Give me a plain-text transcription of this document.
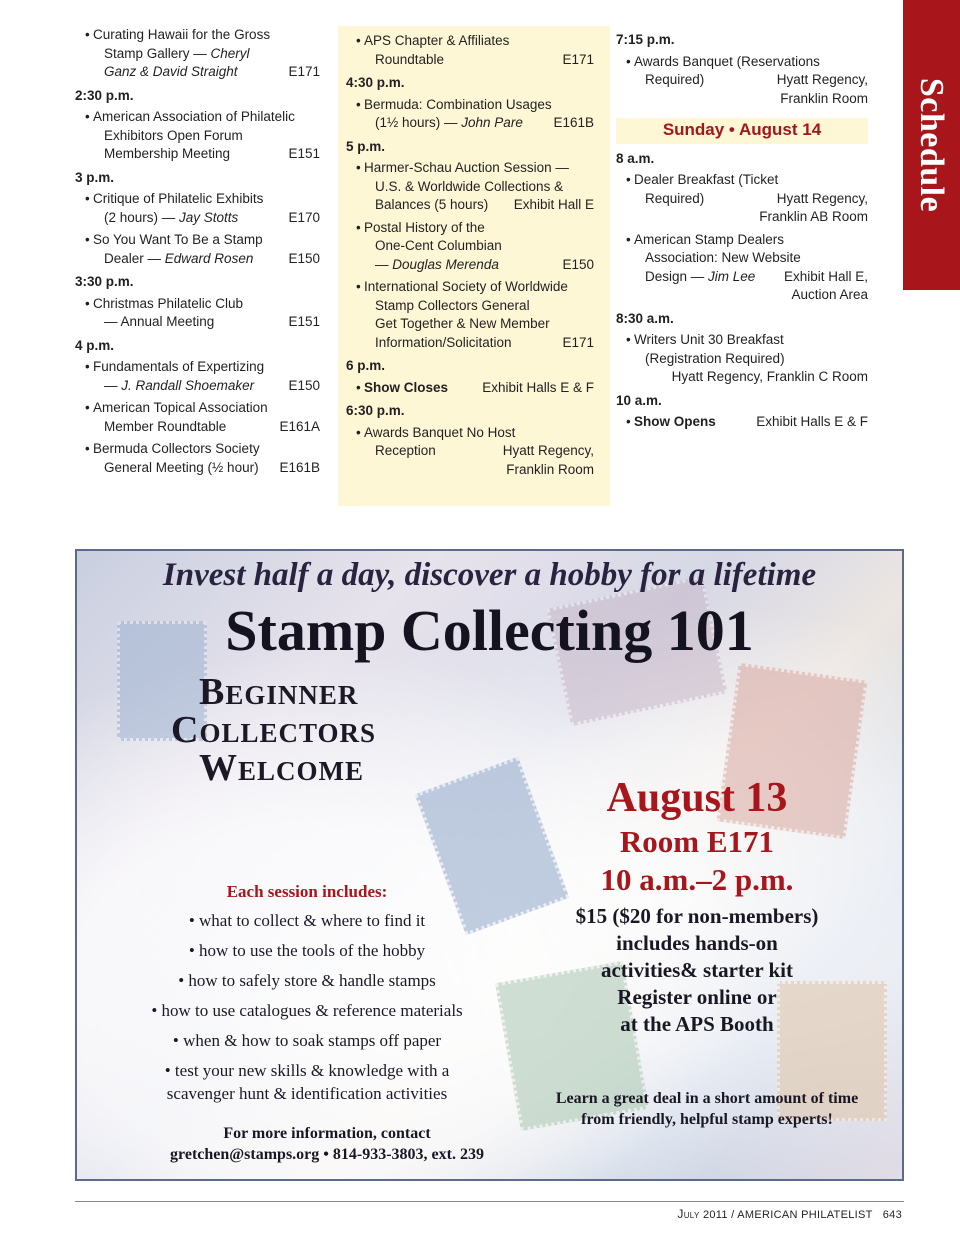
• Curating Hawaii for the Gross
Stamp Gallery — Cheryl
Ganz & David Straight	E171
2:30 p.m.
• American Association of Philatelic
Exhibitors Open Forum
Membership Meeting	E151
3 p.m.
• Critique of Philatelic Exhibits
(2 hours) — Jay Stotts	E170
• So You Want To Be a Stamp
Dealer — Edward Rosen	E150
3:30 p.m.
• Christmas Philatelic Club
— Annual Meeting	E151
4 p.m.
• Fundamentals of Expertizing
— J. Randall Shoemaker	E150
• American Topical Association
Member Roundtable	E161A
• Bermuda Collectors Society
General Meeting (½ hour) E161B
• APS Chapter & Affiliates
Roundtable	E171
4:30 p.m.
• Bermuda: Combination Usages
(1½ hours) — John Pare E161B
5 p.m.
• Harmer-Schau Auction Session —
U.S. & Worldwide Collections &
Balances (5 hours) Exhibit Hall E
• Postal History of the
One-Cent Columbian
— Douglas Merenda	E150
• International Society of Worldwide
Stamp Collectors General
Get Together & New Member
Information/Solicitation	E171
6 p.m.
• Show Closes	Exhibit Halls E & F
6:30 p.m.
• Awards Banquet No Host
Reception	Hyatt Regency,
Franklin Room
7:15 p.m.
• Awards Banquet (Reservations
Required)	Hyatt Regency,
Franklin Room
Sunday • August 14
8 a.m.
• Dealer Breakfast (Ticket
Required)	Hyatt Regency,
Franklin AB Room
• American Stamp Dealers
Association: New Website
Design — Jim Lee Exhibit Hall E,
Auction Area
8:30 a.m.
• Writers Unit 30 Breakfast
(Registration Required)
Hyatt Regency, Franklin C Room
10 a.m.
• Show Opens	Exhibit Halls E & F
Schedule
Invest half a day, discover a hobby for a lifetime
Stamp Collecting 101
Beginner
Collectors
Welcome
August 13
Room E171
10 a.m.–2 p.m.
$15 ($20 for non-members)
includes hands-on
activities& starter kit
Register online or
at the APS Booth
Each session includes:
• what to collect & where to find it
• how to use the tools of the hobby
• how to safely store & handle stamps
• how to use catalogues & reference materials
• when & how to soak stamps off paper
• test your new skills & knowledge with a
scavenger hunt & identification activities	Learn a great deal in a short amount of time
from friendly, helpful stamp experts!
For more information, contact
gretchen@stamps.org • 814-933-3803, ext. 239
July 2011 / AMERICAN PHILATELIST 643
